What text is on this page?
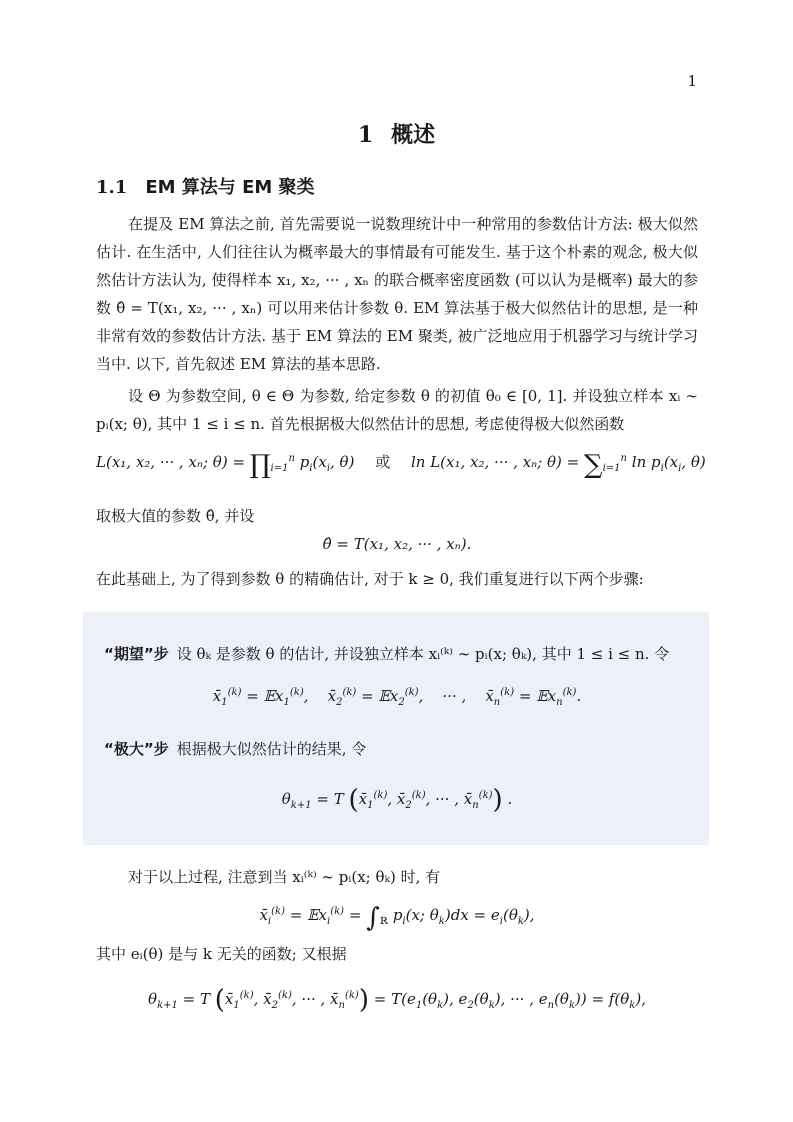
1
1 概述
1.1 EM 算法与 EM 聚类
在提及 EM 算法之前, 首先需要说一说数理统计中一种常用的参数估计方法: 极大似然估计. 在生活中, 人们往往认为概率最大的事情最有可能发生. 基于这个朴素的观念, 极大似然估计方法认为, 使得样本 x₁, x₂, ··· , xₙ 的联合概率密度函数 (可以认为是概率) 最大的参数 θ̂ = T(x₁, x₂, ··· , xₙ) 可以用来估计参数 θ. EM 算法基于极大似然估计的思想, 是一种非常有效的参数估计方法. 基于 EM 算法的 EM 聚类, 被广泛地应用于机器学习与统计学习当中. 以下, 首先叙述 EM 算法的基本思路.
设 Θ 为参数空间, θ ∈ Θ 为参数, 给定参数 θ 的初值 θ₀ ∈ [0, 1]. 并设独立样本 xᵢ ∼ pᵢ(x; θ), 其中 1 ≤ i ≤ n. 首先根据极大似然估计的思想, 考虑使得极大似然函数
L(x₁, x₂, ··· , xₙ; $\theta) = \prod_{i=1}^n$ $p_i(x_i$, θ) 或 ln L(x₁, x₂, ··· , xₙ; $\theta) = \sum_{i=1}^n$ $\ln p_i(x_i$, θ)
取极大值的参数 θ̂, 并设
θ̂ = T(x₁, x₂, ··· , xₙ).
在此基础上, 为了得到参数 θ 的精确估计, 对于 k ≥ 0, 我们重复进行以下两个步骤:
“期望”步 设 θₖ 是参数 θ 的估计, 并设独立样本 xᵢ⁽ᵏ⁾ ∼ pᵢ(x; θₖ), 其中 1 ≤ i ≤ n. 令
$x̄_1^{(k)}$ = 𝔼x$_1^{(k)}$,    $x̄_2^{(k)}$ = 𝔼x$_2^{(k)}$,    ··· ,    $x̄_n^{(k)}$ = 𝔼x$_n^{(k)}$.
“极大”步 根据极大似然估计的结果, 令
$\theta_{k+1} = T$ ($x̄_1^{(k)}$, $x̄_2^{(k)}$, ··· , $x̄_n^{(k)}$) .
对于以上过程, 注意到当 xᵢ⁽ᵏ⁾ ∼ pᵢ(x; θₖ) 时, 有
$x̄_i^{(k)}$ = 𝔼x$_i^{(k)}$ = $\int_ℝ$ $p_i(x$; $\theta_k)dx = e_i(\theta_k)$,
其中 eᵢ(θ) 是与 k 无关的函数; 又根据
$\theta_{k+1} = T$ ($x̄_1^{(k)}$, $x̄_2^{(k)}$, ··· , $x̄_n^{(k)}) = T(e_1(\theta_k)$, $e_2(\theta_k)$, ··· , $e_n(\theta_k)) = f(\theta_k)$,
